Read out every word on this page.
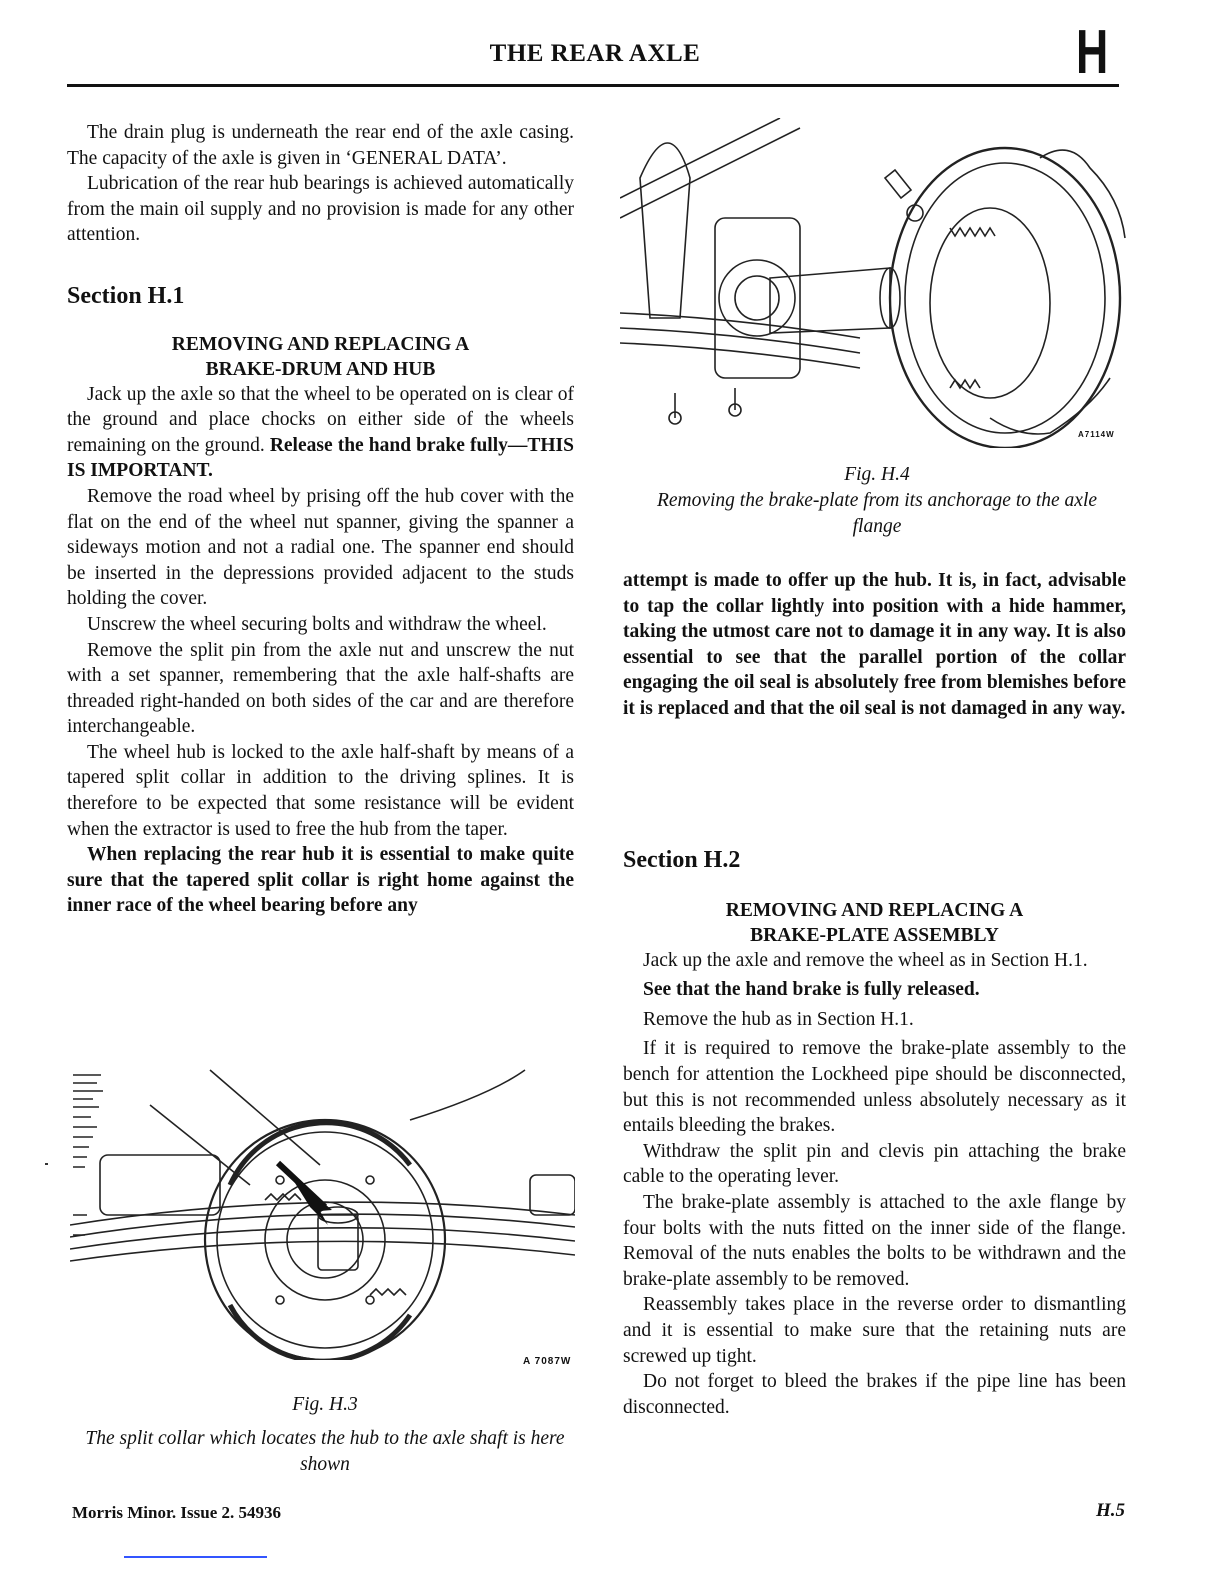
THE REAR AXLE	H

The drain plug is underneath the rear end of the axle casing. The capacity of the axle is given in ‘GENERAL DATA’.

Lubrication of the rear hub bearings is achieved automatically from the main oil supply and no provision is made for any other attention.

Section H.1
REMOVING AND REPLACING A
BRAKE-DRUM AND HUB

Jack up the axle so that the wheel to be operated on is clear of the ground and place chocks on either side of the wheels remaining on the ground. Release the hand brake fully—THIS IS IMPORTANT.

Remove the road wheel by prising off the hub cover with the flat on the end of the wheel nut spanner, giving the spanner a sideways motion and not a radial one. The spanner end should be inserted in the depressions provided adjacent to the studs holding the cover.

Unscrew the wheel securing bolts and withdraw the wheel.

Remove the split pin from the axle nut and unscrew the nut with a set spanner, remembering that the axle half-shafts are threaded right-handed on both sides of the car and are therefore interchangeable.

The wheel hub is locked to the axle half-shaft by means of a tapered split collar in addition to the driving splines. It is therefore to be expected that some resistance will be evident when the extractor is used to free the hub from the taper.

When replacing the rear hub it is essential to make quite sure that the tapered split collar is right home against the inner race of the wheel bearing before any

A 7087W
Fig. H.3
The split collar which locates the hub to the axle shaft is here shown
A7114W
Fig. H.4
Removing the brake-plate from its anchorage to the axle flange

attempt is made to offer up the hub. It is, in fact, advisable to tap the collar lightly into position with a hide hammer, taking the utmost care not to damage it in any way. It is also essential to see that the parallel portion of the collar engaging the oil seal is absolutely free from blemishes before it is replaced and that the oil seal is not damaged in any way.

Section H.2
REMOVING AND REPLACING A
BRAKE-PLATE ASSEMBLY

Jack up the axle and remove the wheel as in Section H.1.

See that the hand brake is fully released.

Remove the hub as in Section H.1.

If it is required to remove the brake-plate assembly to the bench for attention the Lockheed pipe should be disconnected, but this is not recommended unless absolutely necessary as it entails bleeding the brakes.

Withdraw the split pin and clevis pin attaching the brake cable to the operating lever.

The brake-plate assembly is attached to the axle flange by four bolts with the nuts fitted on the inner side of the flange. Removal of the nuts enables the bolts to be withdrawn and the brake-plate assembly to be removed.

Reassembly takes place in the reverse order to dismantling and it is essential to make sure that the retaining nuts are screwed up tight.

Do not forget to bleed the brakes if the pipe line has been disconnected.

Morris Minor. Issue 2. 54936	H.5
